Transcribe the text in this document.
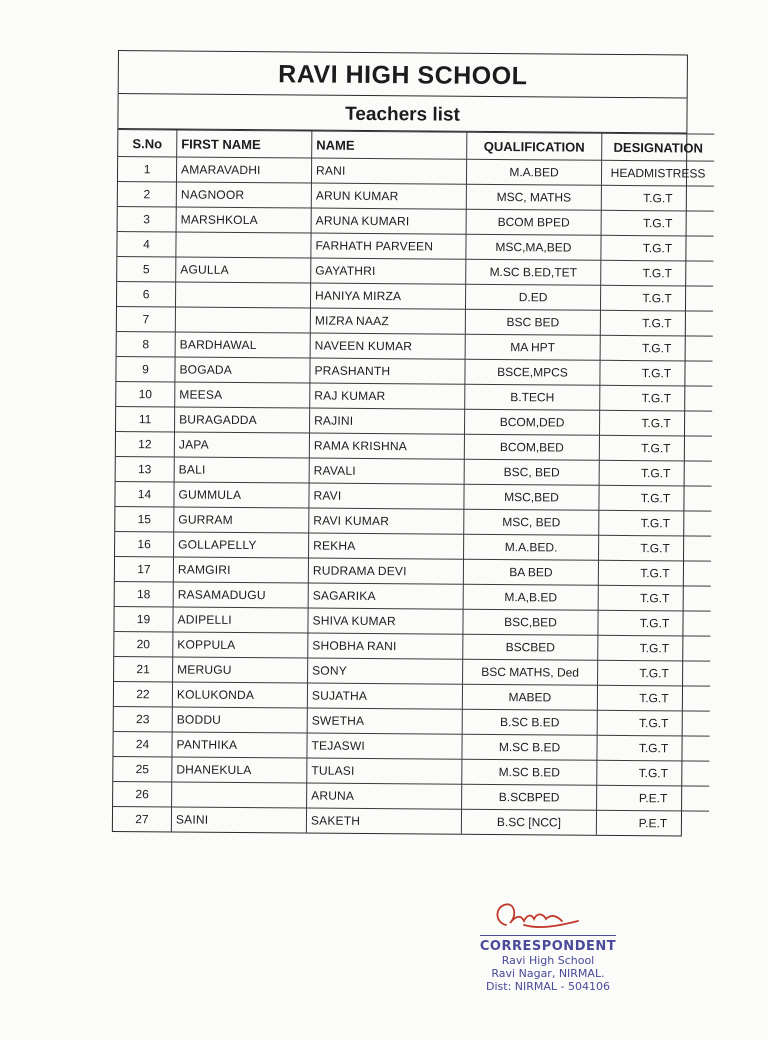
RAVI HIGH SCHOOL
Teachers list
S.No	FIRST NAME	NAME	QUALIFICATION	DESIGNATION
1	AMARAVADHI	RANI	M.A.BED	HEADMISTRESS
2	NAGNOOR	ARUN KUMAR	MSC, MATHS	T.G.T
3	MARSHKOLA	ARUNA KUMARI	BCOM BPED	T.G.T
4		FARHATH PARVEEN	MSC,MA,BED	T.G.T
5	AGULLA	GAYATHRI	M.SC B.ED,TET	T.G.T
6		HANIYA MIRZA	D.ED	T.G.T
7		MIZRA NAAZ	BSC BED	T.G.T
8	BARDHAWAL	NAVEEN KUMAR	MA HPT	T.G.T
9	BOGADA	PRASHANTH	BSCE,MPCS	T.G.T
10	MEESA	RAJ KUMAR	B.TECH	T.G.T
11	BURAGADDA	RAJINI	BCOM,DED	T.G.T
12	JAPA	RAMA KRISHNA	BCOM,BED	T.G.T
13	BALI	RAVALI	BSC, BED	T.G.T
14	GUMMULA	RAVI	MSC,BED	T.G.T
15	GURRAM	RAVI KUMAR	MSC, BED	T.G.T
16	GOLLAPELLY	REKHA	M.A.BED.	T.G.T
17	RAMGIRI	RUDRAMA DEVI	BA BED	T.G.T
18	RASAMADUGU	SAGARIKA	M.A,B.ED	T.G.T
19	ADIPELLI	SHIVA KUMAR	BSC,BED	T.G.T
20	KOPPULA	SHOBHA RANI	BSCBED	T.G.T
21	MERUGU	SONY	BSC MATHS, Ded	T.G.T
22	KOLUKONDA	SUJATHA	MABED	T.G.T
23	BODDU	SWETHA	B.SC B.ED	T.G.T
24	PANTHIKA	TEJASWI	M.SC B.ED	T.G.T
25	DHANEKULA	TULASI	M.SC B.ED	T.G.T
26		ARUNA	B.SCBPED	P.E.T
27	SAINI	SAKETH	B.SC [NCC]	P.E.T
CORRESPONDENT
Ravi High School
Ravi Nagar, NIRMAL.
Dist: NIRMAL - 504106
